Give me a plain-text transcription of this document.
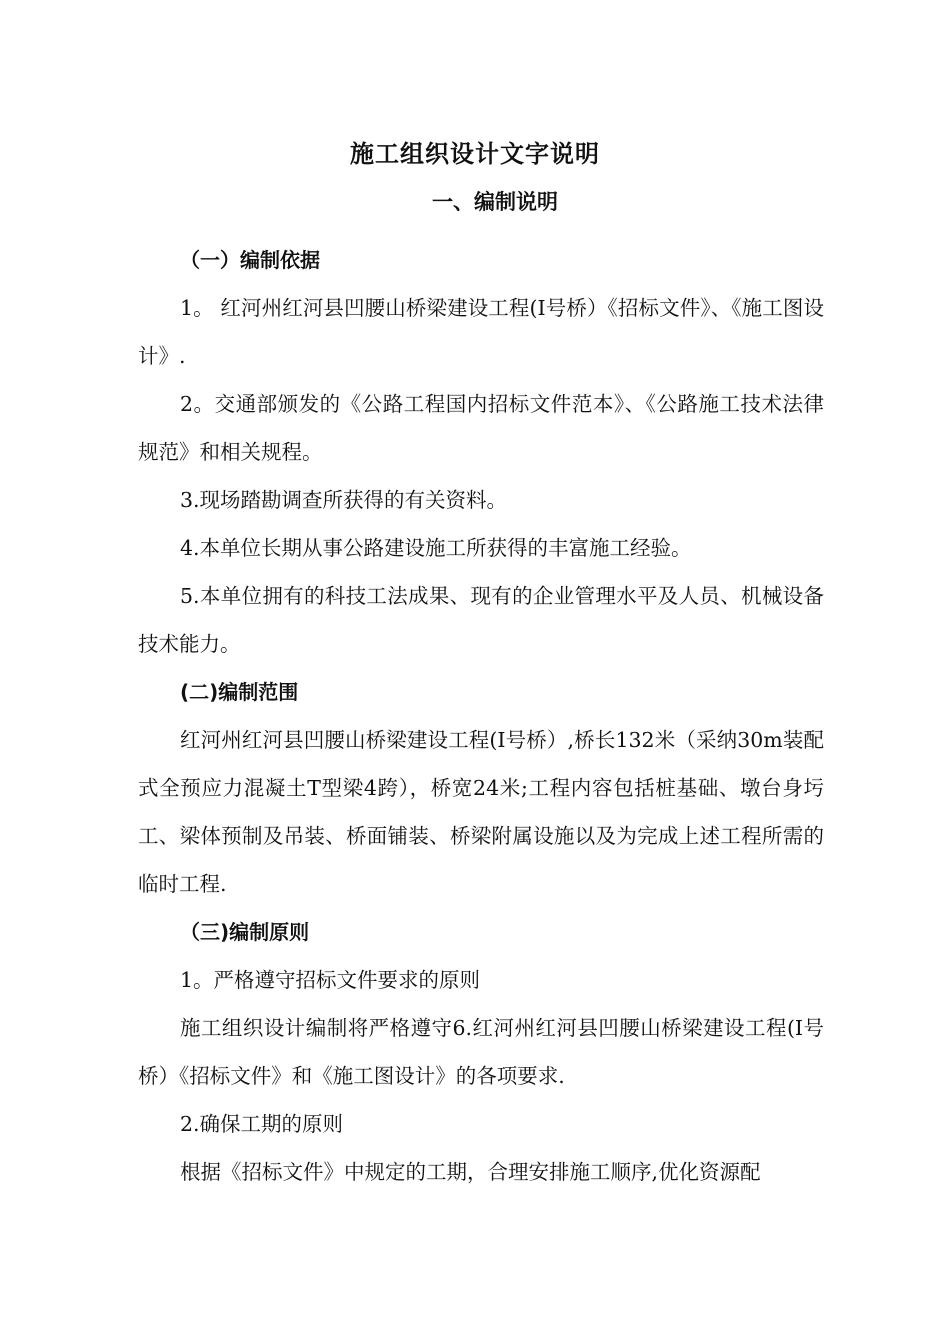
施工组织设计文字说明
一、编制说明

（一）编制依据

1。 红河州红河县凹腰山桥梁建设工程(I号桥）《招标文件》、《施工图设计》.

2。交通部颁发的《公路工程国内招标文件范本》、《公路施工技术法律规范》和相关规程。

3.现场踏勘调查所获得的有关资料。

4.本单位长期从事公路建设施工所获得的丰富施工经验。

5.本单位拥有的科技工法成果、现有的企业管理水平及人员、机械设备技术能力。

(二)编制范围

红河州红河县凹腰山桥梁建设工程(I号桥）,桥长132米（采纳30m装配式全预应力混凝土T型梁4跨），桥宽24米;工程内容包括桩基础、墩台身圬工、梁体预制及吊装、桥面铺装、桥梁附属设施以及为完成上述工程所需的临时工程.

（三)编制原则

1。严格遵守招标文件要求的原则

施工组织设计编制将严格遵守6.红河州红河县凹腰山桥梁建设工程(I号桥）《招标文件》和《施工图设计》的各项要求.

2.确保工期的原则

根据《招标文件》中规定的工期，合理安排施工顺序,优化资源配
